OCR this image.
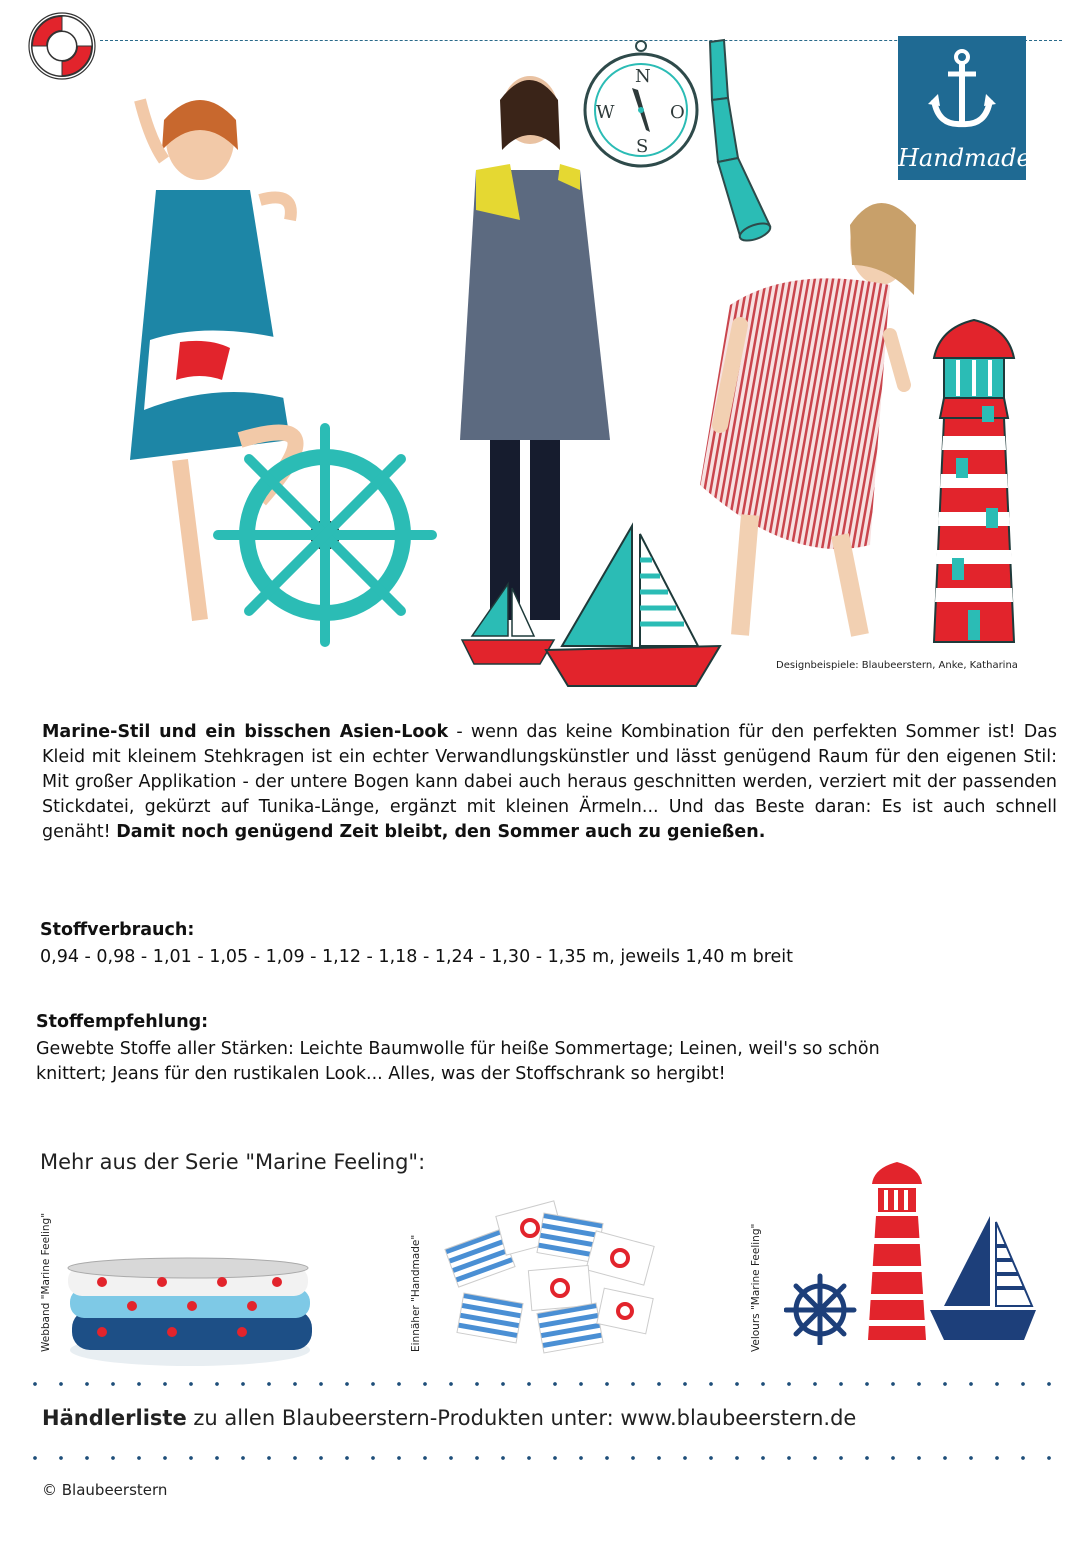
N
S
W	O
Handmade
Designbeispiele: Blaubeerstern, Anke, Katharina
Marine-Stil und ein bisschen Asien-Look - wenn das keine Kombination für den perfekten Sommer ist! Das Kleid mit kleinem Stehkragen ist ein echter Verwandlungskünstler und lässt genügend Raum für den eigenen Stil: Mit großer Applikation - der untere Bogen kann dabei auch heraus geschnitten werden, verziert mit der passenden Stickdatei, gekürzt auf Tunika-Länge, ergänzt mit kleinen Ärmeln... Und das Beste daran: Es ist auch schnell genäht! Damit noch genügend Zeit bleibt, den Sommer auch zu genießen.
Stoffverbrauch:
0,94 - 0,98 - 1,01 - 1,05 - 1,09 - 1,12 - 1,18 - 1,24 - 1,30 - 1,35 m, jeweils 1,40 m breit
Stoffempfehlung:
Gewebte Stoffe aller Stärken: Leichte Baumwolle für heiße Sommertage; Leinen, weil's so schön
knittert; Jeans für den rustikalen Look... Alles, was der Stoffschrank so hergibt!
Mehr aus der Serie "Marine Feeling":
Webband "Marine Feeling"	Einnäher "Handmade"	Velours "Marine Feeling"
Händlerliste zu allen Blaubeerstern-Produkten unter: www.blaubeerstern.de
© Blaubeerstern
